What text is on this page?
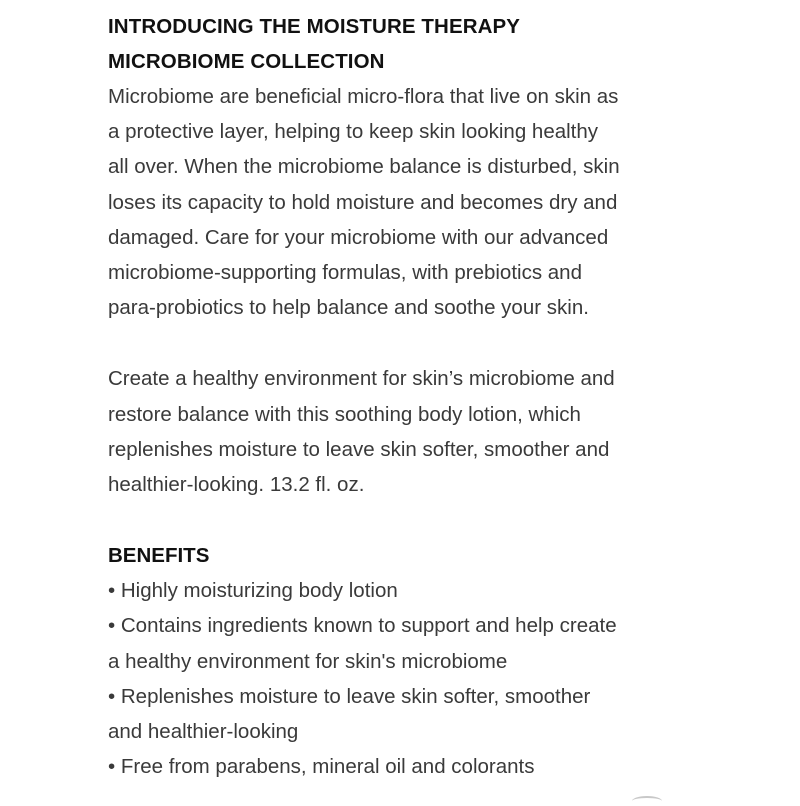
INTRODUCING THE MOISTURE THERAPY
MICROBIOME COLLECTION

Microbiome are beneficial micro-flora that live on skin as
a protective layer, helping to keep skin looking healthy
all over. When the microbiome balance is disturbed, skin
loses its capacity to hold moisture and becomes dry and
damaged. Care for your microbiome with our advanced
microbiome-supporting formulas, with prebiotics and
para-probiotics to help balance and soothe your skin.

Create a healthy environment for skin’s microbiome and
restore balance with this soothing body lotion, which
replenishes moisture to leave skin softer, smoother and
healthier-looking. 13.2 fl. oz.

BENEFITS
• Highly moisturizing body lotion
• Contains ingredients known to support and help create
a healthy environment for skin's microbiome
• Replenishes moisture to leave skin softer, smoother
and healthier-looking
• Free from parabens, mineral oil and colorants
